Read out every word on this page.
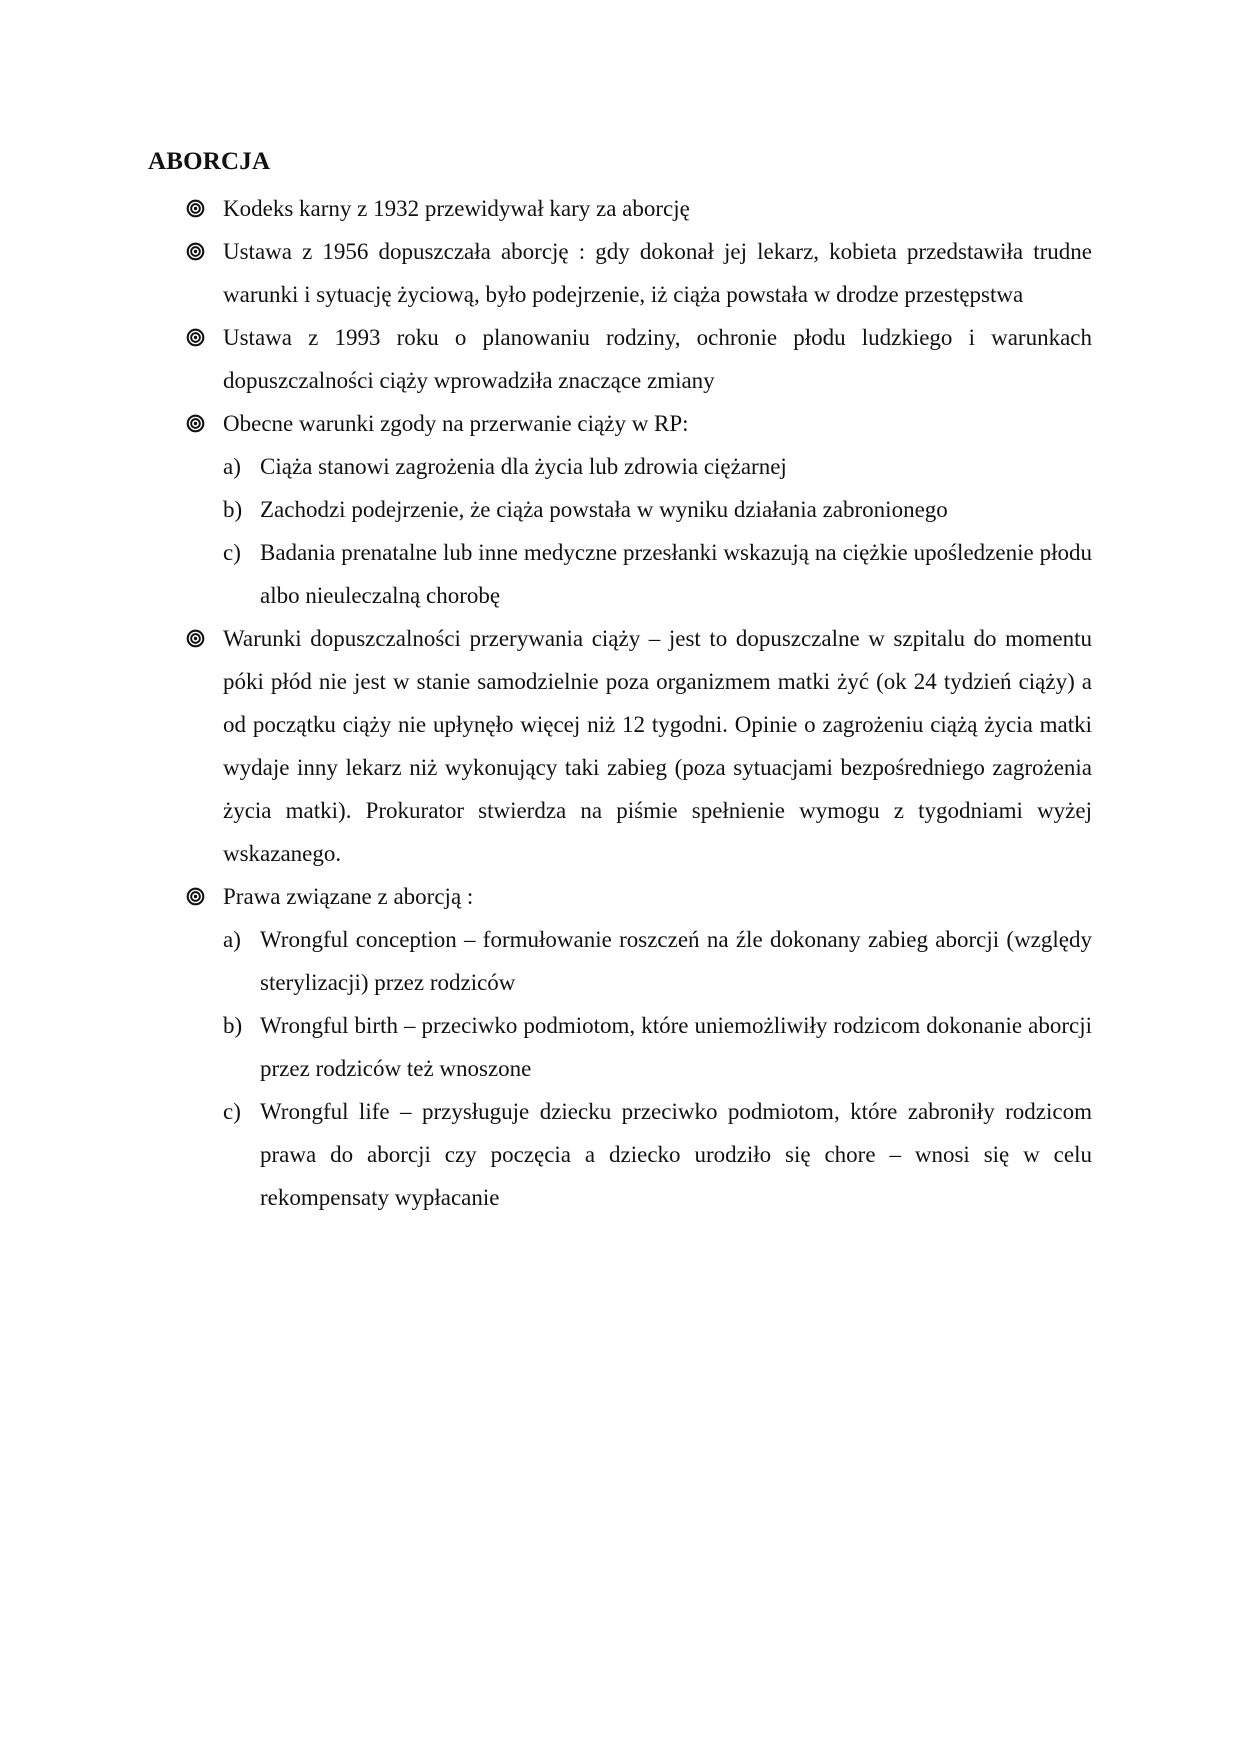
ABORCJA
Kodeks karny z 1932 przewidywał kary za aborcję
Ustawa z 1956 dopuszczała aborcję : gdy dokonał jej lekarz, kobieta przedstawiła trudne warunki i sytuację życiową, było podejrzenie, iż ciąża powstała w drodze przestępstwa
Ustawa z 1993 roku o planowaniu rodziny, ochronie płodu ludzkiego i warunkach dopuszczalności ciąży wprowadziła znaczące zmiany
Obecne warunki zgody na przerwanie ciąży w RP:
a) Ciąża stanowi zagrożenia dla życia lub zdrowia ciężarnej
b) Zachodzi podejrzenie, że ciąża powstała w wyniku działania zabronionego
c) Badania prenatalne lub inne medyczne przesłanki wskazują na ciężkie upośledzenie płodu albo nieuleczalną chorobę
Warunki dopuszczalności przerywania ciąży – jest to dopuszczalne w szpitalu do momentu póki płód nie jest w stanie samodzielnie poza organizmem matki żyć (ok 24 tydzień ciąży) a od początku ciąży nie upłynęło więcej niż 12 tygodni. Opinie o zagrożeniu ciążą życia matki wydaje inny lekarz niż wykonujący taki zabieg (poza sytuacjami bezpośredniego zagrożenia życia matki). Prokurator stwierdza na piśmie spełnienie wymogu z tygodniami wyżej wskazanego.
Prawa związane z aborcją :
a) Wrongful conception – formułowanie roszczeń na źle dokonany zabieg aborcji (względy sterylizacji) przez rodziców
b) Wrongful birth – przeciwko podmiotom, które uniemożliwiły rodzicom dokonanie aborcji przez rodziców też wnoszone
c) Wrongful life – przysługuje dziecku przeciwko podmiotom, które zabroniły rodzicom prawa do aborcji czy poczęcia a dziecko urodziło się chore – wnosi się w celu rekompensaty wypłacanie
